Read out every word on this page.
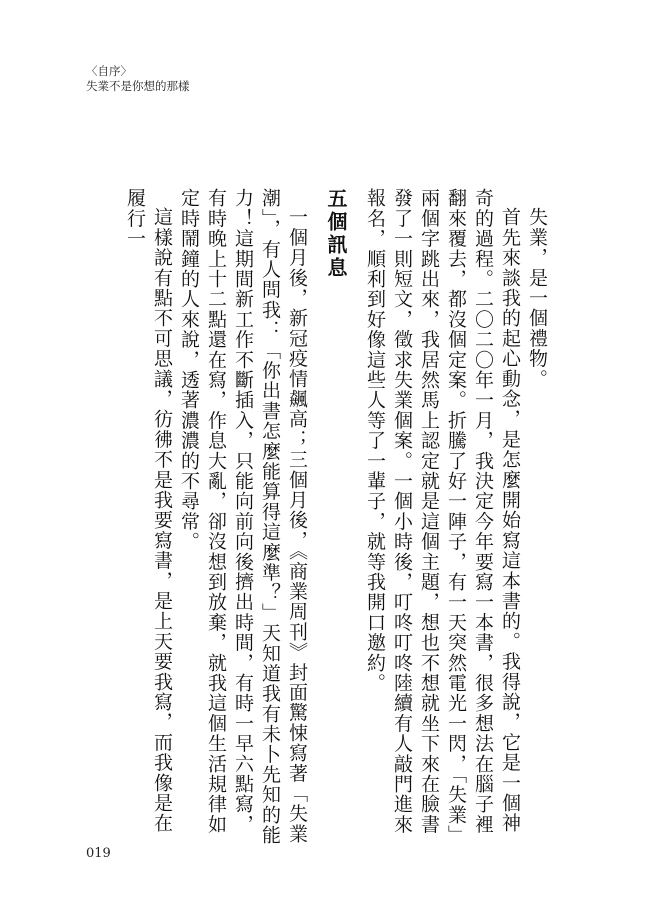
〈自序〉
失業不是你想的那樣

失業，是一個禮物。

首先來談我的起心動念，是怎麼開始寫這本書的。我得說，它是一個神奇的過程。二〇二〇年一月，我決定今年要寫一本書，很多想法在腦子裡翻來覆去，都沒個定案。折騰了好一陣子，有一天突然電光一閃，「失業」兩個字跳出來，我居然馬上認定就是這個主題，想也不想就坐下來在臉書發了一則短文，徵求失業個案。一個小時後，叮咚叮咚陸續有人敲門進來報名，順利到好像這些人等了一輩子，就等我開口邀約。

五個訊息

一個月後，新冠疫情飆高；三個月後，《商業周刊》封面驚悚寫著「失業潮」，有人問我：「你出書怎麼能算得這麼準？」天知道我有未卜先知的能力！這期間新工作不斷插入，只能向前向後擠出時間，有時一早六點寫，有時晚上十二點還在寫，作息大亂，卻沒想到放棄，就我這個生活規律如定時鬧鐘的人來說，透著濃濃的不尋常。

這樣說有點不可思議，彷彿不是我要寫書，是上天要我寫，而我像是在履行一

019
